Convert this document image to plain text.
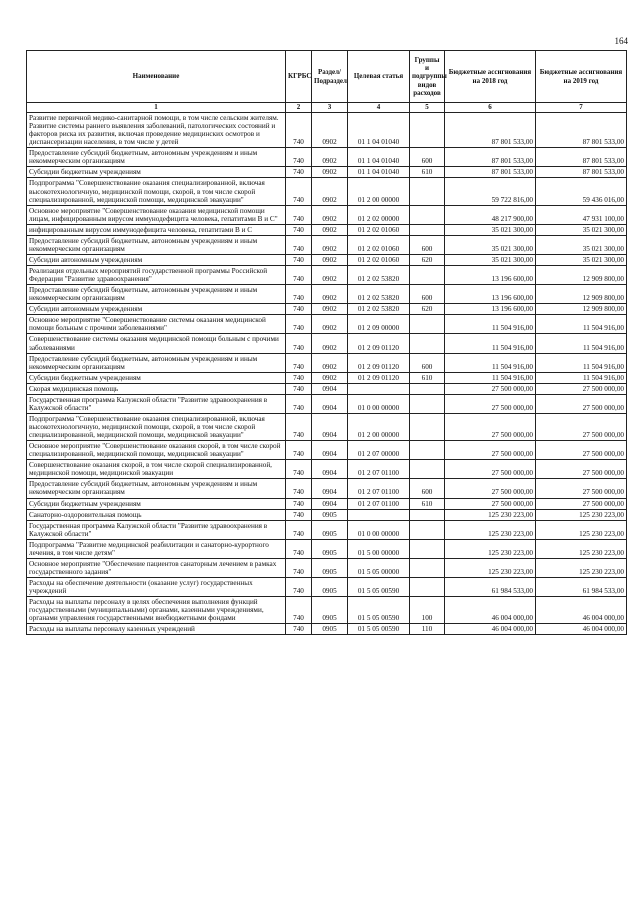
164
Наименование	КГРБС	Раздел/ Подраздел	Целевая статья	Группы и подгруппы видов расходов	Бюджетные ассигнования на 2018 год	Бюджетные ассигнования на 2019 год
1	2	3	4	5	6	7
Развитие первичной медико-санитарной помощи, в том числе сельским жителям. Развитие системы раннего выявления заболеваний, патологических состояний и факторов риска их развития, включая проведение медицинских осмотров и диспансеризации населения, в том числе у детей	740	0902	01 1 04 01040		87 801 533,00	87 801 533,00
Предоставление субсидий бюджетным, автономным учреждениям и иным некоммерческим организациям	740	0902	01 1 04 01040	600	87 801 533,00	87 801 533,00
Субсидии бюджетным учреждениям	740	0902	01 1 04 01040	610	87 801 533,00	87 801 533,00
Подпрограмма "Совершенствование оказания специализированной, включая высокотехнологичную, медицинской помощи, скорой, в том числе скорой специализированной, медицинской помощи, медицинской эвакуации"	740	0902	01 2 00 00000		59 722 816,00	59 436 016,00
Основное мероприятие "Совершенствование оказания медицинской помощи лицам, инфицированным вирусом иммунодефицита человека, гепатитами В и С"	740	0902	01 2 02 00000		48 217 900,00	47 931 100,00
инфицированным вирусом иммунодефицита человека, гепатитами В и С	740	0902	01 2 02 01060		35 021 300,00	35 021 300,00
Предоставление субсидий бюджетным, автономным учреждениям и иным некоммерческим организациям	740	0902	01 2 02 01060	600	35 021 300,00	35 021 300,00
Субсидии автономным учреждениям	740	0902	01 2 02 01060	620	35 021 300,00	35 021 300,00
Реализация отдельных мероприятий государственной программы Российской Федерации "Развитие здравоохранения"	740	0902	01 2 02 53820		13 196 600,00	12 909 800,00
Предоставление субсидий бюджетным, автономным учреждениям и иным некоммерческим организациям	740	0902	01 2 02 53820	600	13 196 600,00	12 909 800,00
Субсидии автономным учреждениям	740	0902	01 2 02 53820	620	13 196 600,00	12 909 800,00
Основное мероприятие "Совершенствование системы оказания медицинской помощи больным с прочими заболеваниями"	740	0902	01 2 09 00000		11 504 916,00	11 504 916,00
Совершенствование системы оказания медицинской помощи больным с прочими заболеваниями	740	0902	01 2 09 01120		11 504 916,00	11 504 916,00
Предоставление субсидий бюджетным, автономным учреждениям и иным некоммерческим организациям	740	0902	01 2 09 01120	600	11 504 916,00	11 504 916,00
Субсидии бюджетным учреждениям	740	0902	01 2 09 01120	610	11 504 916,00	11 504 916,00
Скорая медицинская помощь	740	0904			27 500 000,00	27 500 000,00
Государственная программа Калужской области "Развитие здравоохранения в Калужской области"	740	0904	01 0 00 00000		27 500 000,00	27 500 000,00
Подпрограмма "Совершенствование оказания специализированной, включая высокотехнологичную, медицинской помощи, скорой, в том числе скорой специализированной, медицинской помощи, медицинской эвакуации"	740	0904	01 2 00 00000		27 500 000,00	27 500 000,00
Основное мероприятие "Совершенствование оказания скорой, в том числе скорой специализированной, медицинской помощи, медицинской эвакуации"	740	0904	01 2 07 00000		27 500 000,00	27 500 000,00
Совершенствование оказания скорой, в том числе скорой специализированной, медицинской помощи, медицинской эвакуации	740	0904	01 2 07 01100		27 500 000,00	27 500 000,00
Предоставление субсидий бюджетным, автономным учреждениям и иным некоммерческим организациям	740	0904	01 2 07 01100	600	27 500 000,00	27 500 000,00
Субсидии бюджетным учреждениям	740	0904	01 2 07 01100	610	27 500 000,00	27 500 000,00
Санаторно-оздоровительная помощь	740	0905			125 230 223,00	125 230 223,00
Государственная программа Калужской области "Развитие здравоохранения в Калужской области"	740	0905	01 0 00 00000		125 230 223,00	125 230 223,00
Подпрограмма "Развитие медицинской реабилитации и санаторно-курортного лечения, в том числе детям"	740	0905	01 5 00 00000		125 230 223,00	125 230 223,00
Основное мероприятие "Обеспечение пациентов санаторным лечением в рамках государственного задания"	740	0905	01 5 05 00000		125 230 223,00	125 230 223,00
Расходы на обеспечение деятельности (оказание услуг) государственных учреждений	740	0905	01 5 05 00590		61 984 533,00	61 984 533,00
Расходы на выплаты персоналу в целях обеспечения выполнения функций государственными (муниципальными) органами, казенными учреждениями, органами управления государственными внебюджетными фондами	740	0905	01 5 05 00590	100	46 004 000,00	46 004 000,00
Расходы на выплаты персоналу казенных учреждений	740	0905	01 5 05 00590	110	46 004 000,00	46 004 000,00
